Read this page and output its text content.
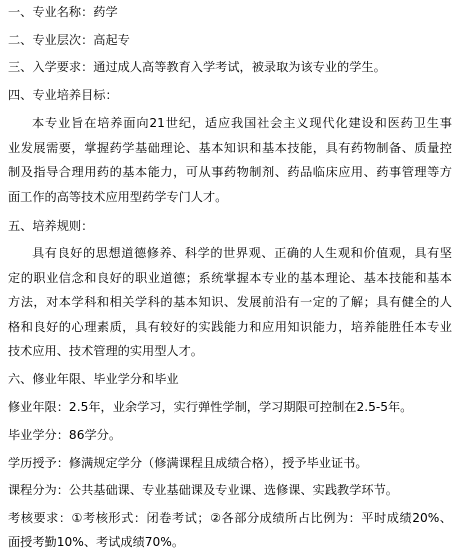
一、专业名称：药学
二、专业层次：高起专
三、入学要求：通过成人高等教育入学考试，被录取为该专业的学生。
四、专业培养目标：
本专业旨在培养面向21世纪，适应我国社会主义现代化建设和医药卫生事
业发展需要，掌握药学基础理论、基本知识和基本技能，具有药物制备、质量控
制及指导合理用药的基本能力，可从事药物制剂、药品临床应用、药事管理等方
面工作的高等技术应用型药学专门人才。
五、培养规则：
具有良好的思想道德修养、科学的世界观、正确的人生观和价值观，具有坚
定的职业信念和良好的职业道德；系统掌握本专业的基本理论、基本技能和基本
方法，对本学科和相关学科的基本知识、发展前沿有一定的了解；具有健全的人
格和良好的心理素质，具有较好的实践能力和应用知识能力，培养能胜任本专业
技术应用、技术管理的实用型人才。
六、修业年限、毕业学分和毕业
修业年限：2.5年，业余学习，实行弹性学制，学习期限可控制在2.5-5年。
毕业学分：86学分。
学历授予：修满规定学分（修满课程且成绩合格），授予毕业证书。
课程分为：公共基础课、专业基础课及专业课、选修课、实践教学环节。
考核要求：①考核形式：闭卷考试；②各部分成绩所占比例为：平时成绩20%、
面授考勤10%、考试成绩70%。
